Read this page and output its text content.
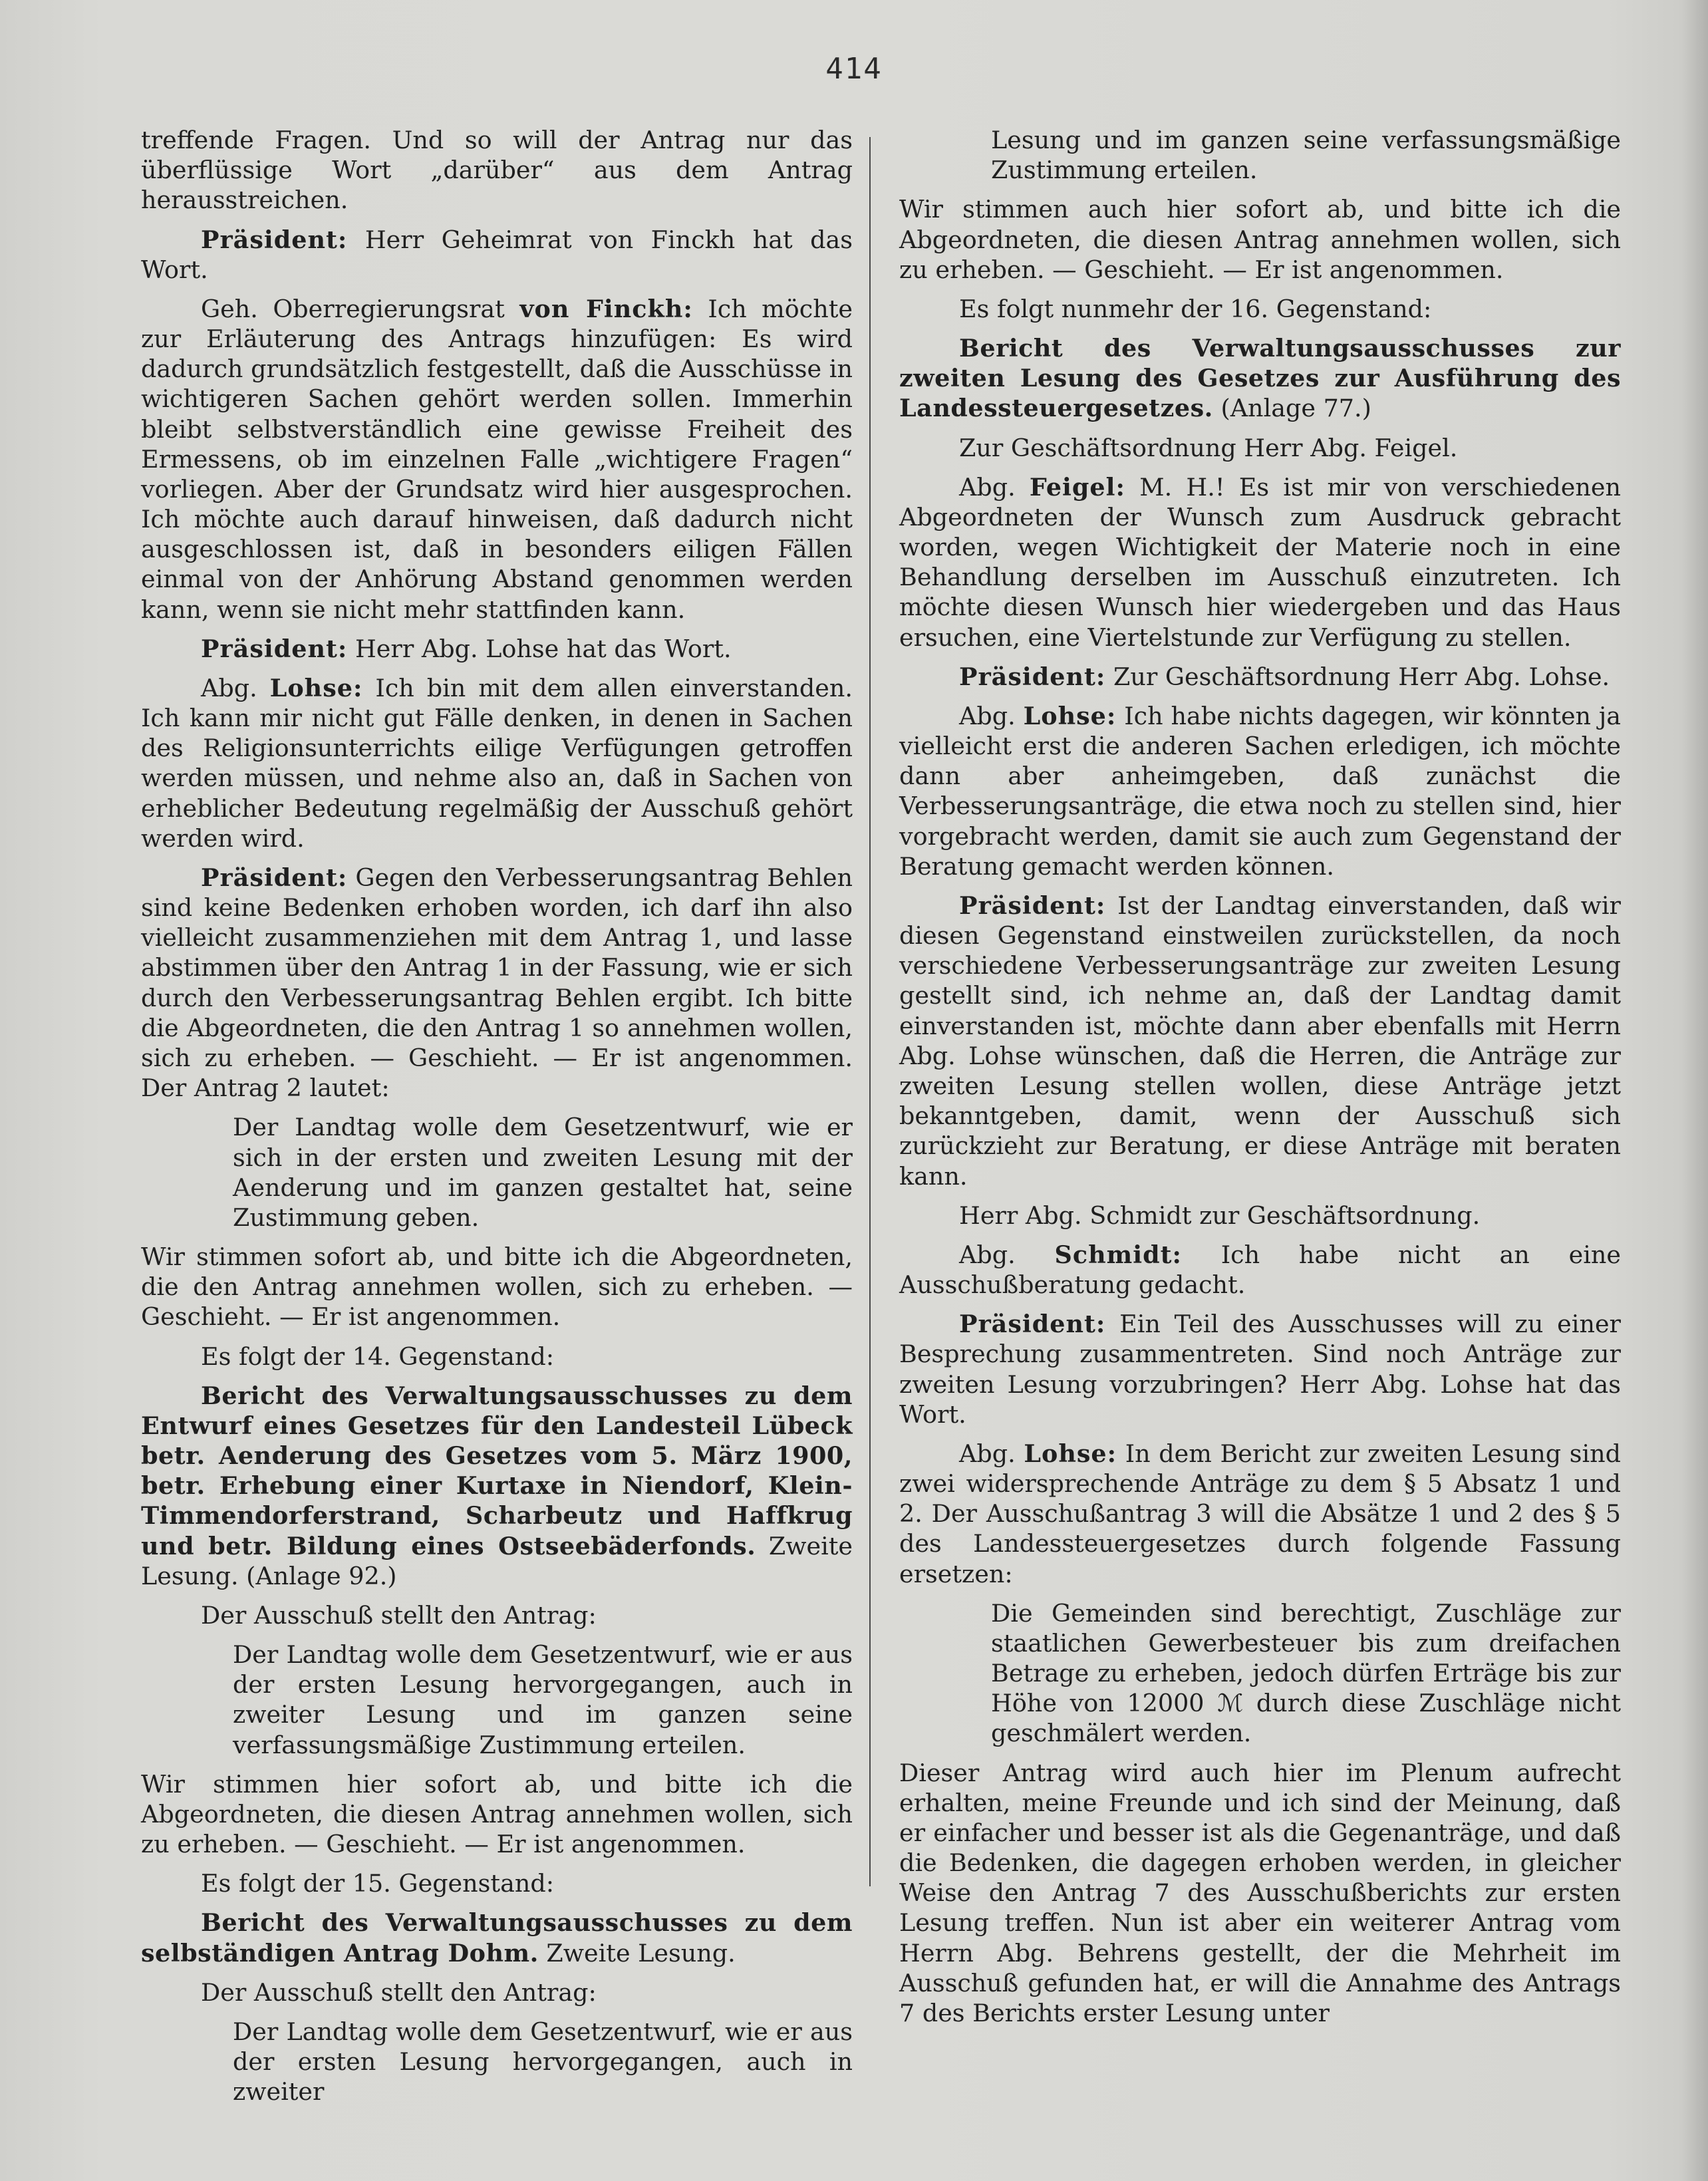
414

treffende Fragen. Und so will der Antrag nur das überflüssige Wort „darüber“ aus dem Antrag herausstreichen.

Präsident: Herr Geheimrat von Finckh hat das Wort.

Geh. Oberregierungsrat von Finckh: Ich möchte zur Erläuterung des Antrags hinzufügen: Es wird dadurch grundsätzlich festgestellt, daß die Ausschüsse in wichtigeren Sachen gehört werden sollen. Immerhin bleibt selbstverständlich eine gewisse Freiheit des Ermessens, ob im einzelnen Falle „wichtigere Fragen“ vorliegen. Aber der Grundsatz wird hier ausgesprochen. Ich möchte auch darauf hinweisen, daß dadurch nicht ausgeschlossen ist, daß in besonders eiligen Fällen einmal von der Anhörung Abstand genommen werden kann, wenn sie nicht mehr stattfinden kann.

Präsident: Herr Abg. Lohse hat das Wort.

Abg. Lohse: Ich bin mit dem allen einverstanden. Ich kann mir nicht gut Fälle denken, in denen in Sachen des Religionsunterrichts eilige Verfügungen getroffen werden müssen, und nehme also an, daß in Sachen von erheblicher Bedeutung regelmäßig der Ausschuß gehört werden wird.

Präsident: Gegen den Verbesserungsantrag Behlen sind keine Bedenken erhoben worden, ich darf ihn also vielleicht zusammenziehen mit dem Antrag 1, und lasse abstimmen über den Antrag 1 in der Fassung, wie er sich durch den Verbesserungsantrag Behlen ergibt. Ich bitte die Abgeordneten, die den Antrag 1 so annehmen wollen, sich zu erheben. — Geschieht. — Er ist angenommen. Der Antrag 2 lautet:

Der Landtag wolle dem Gesetzentwurf, wie er sich in der ersten und zweiten Lesung mit der Aenderung und im ganzen gestaltet hat, seine Zustimmung geben.

Wir stimmen sofort ab, und bitte ich die Abgeordneten, die den Antrag annehmen wollen, sich zu erheben. — Geschieht. — Er ist angenommen.

Es folgt der 14. Gegenstand:

Bericht des Verwaltungsausschusses zu dem Entwurf eines Gesetzes für den Landesteil Lübeck betr. Aenderung des Gesetzes vom 5. März 1900, betr. Erhebung einer Kurtaxe in Niendorf, Klein-Timmendorferstrand, Scharbeutz und Haffkrug und betr. Bildung eines Ostseebäderfonds. Zweite Lesung. (Anlage 92.)

Der Ausschuß stellt den Antrag:

Der Landtag wolle dem Gesetzentwurf, wie er aus der ersten Lesung hervorgegangen, auch in zweiter Lesung und im ganzen seine verfassungsmäßige Zustimmung erteilen.

Wir stimmen hier sofort ab, und bitte ich die Abgeordneten, die diesen Antrag annehmen wollen, sich zu erheben. — Geschieht. — Er ist angenommen.

Es folgt der 15. Gegenstand:

Bericht des Verwaltungsausschusses zu dem selbständigen Antrag Dohm. Zweite Lesung.

Der Ausschuß stellt den Antrag:

Der Landtag wolle dem Gesetzentwurf, wie er aus der ersten Lesung hervorgegangen, auch in zweiter

Lesung und im ganzen seine verfassungsmäßige Zustimmung erteilen.

Wir stimmen auch hier sofort ab, und bitte ich die Abgeordneten, die diesen Antrag annehmen wollen, sich zu erheben. — Geschieht. — Er ist angenommen.

Es folgt nunmehr der 16. Gegenstand:

Bericht des Verwaltungsausschusses zur zweiten Lesung des Gesetzes zur Ausführung des Landessteuergesetzes. (Anlage 77.)

Zur Geschäftsordnung Herr Abg. Feigel.

Abg. Feigel: M. H.! Es ist mir von verschiedenen Abgeordneten der Wunsch zum Ausdruck gebracht worden, wegen Wichtigkeit der Materie noch in eine Behandlung derselben im Ausschuß einzutreten. Ich möchte diesen Wunsch hier wiedergeben und das Haus ersuchen, eine Viertelstunde zur Verfügung zu stellen.

Präsident: Zur Geschäftsordnung Herr Abg. Lohse.

Abg. Lohse: Ich habe nichts dagegen, wir könnten ja vielleicht erst die anderen Sachen erledigen, ich möchte dann aber anheimgeben, daß zunächst die Verbesserungsanträge, die etwa noch zu stellen sind, hier vorgebracht werden, damit sie auch zum Gegenstand der Beratung gemacht werden können.

Präsident: Ist der Landtag einverstanden, daß wir diesen Gegenstand einstweilen zurückstellen, da noch verschiedene Verbesserungsanträge zur zweiten Lesung gestellt sind, ich nehme an, daß der Landtag damit einverstanden ist, möchte dann aber ebenfalls mit Herrn Abg. Lohse wünschen, daß die Herren, die Anträge zur zweiten Lesung stellen wollen, diese Anträge jetzt bekanntgeben, damit, wenn der Ausschuß sich zurückzieht zur Beratung, er diese Anträge mit beraten kann.

Herr Abg. Schmidt zur Geschäftsordnung.

Abg. Schmidt: Ich habe nicht an eine Ausschußberatung gedacht.

Präsident: Ein Teil des Ausschusses will zu einer Besprechung zusammentreten. Sind noch Anträge zur zweiten Lesung vorzubringen? Herr Abg. Lohse hat das Wort.

Abg. Lohse: In dem Bericht zur zweiten Lesung sind zwei widersprechende Anträge zu dem § 5 Absatz 1 und 2. Der Ausschußantrag 3 will die Absätze 1 und 2 des § 5 des Landessteuergesetzes durch folgende Fassung ersetzen:

Die Gemeinden sind berechtigt, Zuschläge zur staatlichen Gewerbesteuer bis zum dreifachen Betrage zu erheben, jedoch dürfen Erträge bis zur Höhe von 12000 ℳ durch diese Zuschläge nicht geschmälert werden.

Dieser Antrag wird auch hier im Plenum aufrecht erhalten, meine Freunde und ich sind der Meinung, daß er einfacher und besser ist als die Gegenanträge, und daß die Bedenken, die dagegen erhoben werden, in gleicher Weise den Antrag 7 des Ausschußberichts zur ersten Lesung treffen. Nun ist aber ein weiterer Antrag vom Herrn Abg. Behrens gestellt, der die Mehrheit im Ausschuß gefunden hat, er will die Annahme des Antrags 7 des Berichts erster Lesung unter
